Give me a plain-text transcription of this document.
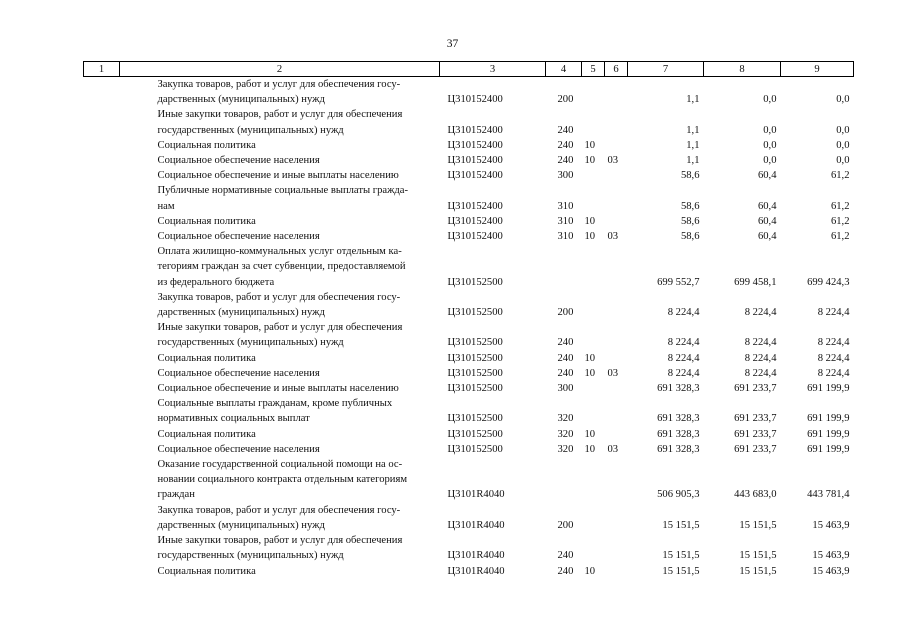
37
1	2	3	4	5	6	7	8	9

	Закупка товаров, работ и услуг для обеспечения госу-
дарственных (муниципальных) нужд	Ц310152400	200			1,1	0,0	0,0

	Иные закупки товаров, работ и услуг для обеспечения
государственных (муниципальных) нужд	Ц310152400	240			1,1	0,0	0,0

	Социальная политика	Ц310152400	240	10		1,1	0,0	0,0

	Социальное обеспечение населения	Ц310152400	240	10	03	1,1	0,0	0,0

	Социальное обеспечение и иные выплаты населению	Ц310152400	300			58,6	60,4	61,2

	Публичные нормативные социальные выплаты гражда-
нам	Ц310152400	310			58,6	60,4	61,2

	Социальная политика	Ц310152400	310	10		58,6	60,4	61,2

	Социальное обеспечение населения	Ц310152400	310	10	03	58,6	60,4	61,2

	Оплата жилищно-коммунальных услуг отдельным ка-
тегориям граждан за счет субвенции, предоставляемой
из федерального бюджета	Ц310152500				699 552,7	699 458,1	699 424,3

	Закупка товаров, работ и услуг для обеспечения госу-
дарственных (муниципальных) нужд	Ц310152500	200			8 224,4	8 224,4	8 224,4

	Иные закупки товаров, работ и услуг для обеспечения
государственных (муниципальных) нужд	Ц310152500	240			8 224,4	8 224,4	8 224,4

	Социальная политика	Ц310152500	240	10		8 224,4	8 224,4	8 224,4

	Социальное обеспечение населения	Ц310152500	240	10	03	8 224,4	8 224,4	8 224,4

	Социальное обеспечение и иные выплаты населению	Ц310152500	300			691 328,3	691 233,7	691 199,9

	Социальные выплаты гражданам, кроме публичных
нормативных социальных выплат	Ц310152500	320			691 328,3	691 233,7	691 199,9

	Социальная политика	Ц310152500	320	10		691 328,3	691 233,7	691 199,9

	Социальное обеспечение населения	Ц310152500	320	10	03	691 328,3	691 233,7	691 199,9

	Оказание государственной социальной помощи на ос-
новании социального контракта отдельным категориям
граждан	Ц3101R4040				506 905,3	443 683,0	443 781,4

	Закупка товаров, работ и услуг для обеспечения госу-
дарственных (муниципальных) нужд	Ц3101R4040	200			15 151,5	15 151,5	15 463,9

	Иные закупки товаров, работ и услуг для обеспечения
государственных (муниципальных) нужд	Ц3101R4040	240			15 151,5	15 151,5	15 463,9

	Социальная политика	Ц3101R4040	240	10		15 151,5	15 151,5	15 463,9
